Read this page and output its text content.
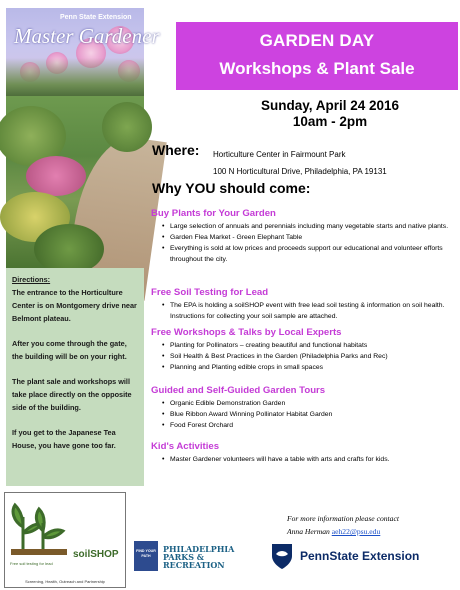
Penn State Extension
Master Gardener
Directions:

The entrance to the Horticulture Center is on Montgomery drive near Belmont plateau.

After you come through the gate, the building will be on your right.

The plant sale and workshops will take place directly on the opposite side of the building.

If you get to the Japanese Tea House, you have gone too far.

soilSHOP
Free soil testing for lead
Screening, Health, Outreach and Partnership
GARDEN DAY
Workshops & Plant Sale
Sunday, April 24 2016
10am - 2pm
Where: Horticulture Center in Fairmount Park
100 N Horticultural Drive, Philadelphia, PA 19131
Why YOU should come:
Buy Plants for Your Garden
• Large selection of annuals and perennials including many vegetable starts and native plants.
• Garden Flea Market - Green Elephant Table
• Everything is sold at low prices and proceeds support our educational and volunteer efforts throughout the city.
Free Soil Testing for Lead
• The EPA is holding a soilSHOP event with free lead soil testing & information on soil health. Instructions for collecting your soil sample are attached.
Free Workshops & Talks by Local Experts
• Planting for Pollinators – creating beautiful and functional habitats
• Soil Health & Best Practices in the Garden (Philadelphia Parks and Rec)
• Planning and Planting edible crops in small spaces
Guided and Self-Guided Garden Tours
• Organic Edible Demonstration Garden
• Blue Ribbon Award Winning Pollinator Habitat Garden
• Food Forest Orchard
Kid's Activities
• Master Gardener volunteers will have a table with arts and crafts for kids.
For more information please contact
Anna Herman aeh22@psu.edu
FIND YOUR PATH
PHILADELPHIA
PARKS &
RECREATION
PennState Extension
